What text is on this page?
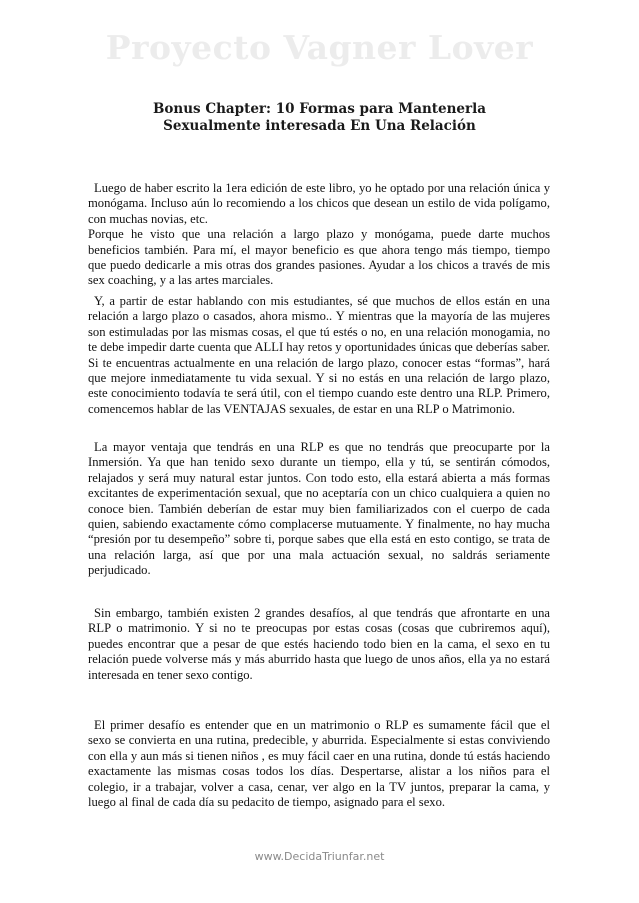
Proyecto Vagner Lover
Bonus Chapter: 10 Formas para Mantenerla
Sexualmente interesada En Una Relación

Luego de haber escrito la 1era edición de este libro, yo he optado por una relación única y monógama. Incluso aún lo recomiendo a los chicos que desean un estilo de vida polígamo, con muchas novias, etc.

Porque he visto que una relación a largo plazo y monógama, puede darte muchos beneficios también. Para mí, el mayor beneficio es que ahora tengo más tiempo, tiempo que puedo dedicarle a mis otras dos grandes pasiones. Ayudar a los chicos a través de mis sex coaching, y a las artes marciales.

Y, a partir de estar hablando con mis estudiantes, sé que muchos de ellos están en una relación a largo plazo o casados, ahora mismo.. Y mientras que la mayoría de las mujeres son estimuladas por las mismas cosas, el que tú estés o no, en una relación monogamia, no te debe impedir darte cuenta que ALLI hay retos y oportunidades únicas que deberías saber. Si te encuentras actualmente en una relación de largo plazo, conocer estas “formas”, hará que mejore inmediatamente tu vida sexual. Y si no estás en una relación de largo plazo, este conocimiento todavía te será útil, con el tiempo cuando este dentro una RLP. Primero, comencemos hablar de las VENTAJAS sexuales, de estar en una RLP o Matrimonio.

La mayor ventaja que tendrás en una RLP es que no tendrás que preocuparte por la Inmersión. Ya que han tenido sexo durante un tiempo, ella y tú, se sentirán cómodos, relajados y será muy natural estar juntos. Con todo esto, ella estará abierta a más formas excitantes de experimentación sexual, que no aceptaría con un chico cualquiera a quien no conoce bien. También deberían de estar muy bien familiarizados con el cuerpo de cada quien, sabiendo exactamente cómo complacerse mutuamente. Y finalmente, no hay mucha “presión por tu desempeño” sobre ti, porque sabes que ella está en esto contigo, se trata de una relación larga, así que por una mala actuación sexual, no saldrás seriamente perjudicado.

Sin embargo, también existen 2 grandes desafíos, al que tendrás que afrontarte en una RLP o matrimonio. Y si no te preocupas por estas cosas (cosas que cubriremos aquí), puedes encontrar que a pesar de que estés haciendo todo bien en la cama, el sexo en tu relación puede volverse más y más aburrido hasta que luego de unos años, ella ya no estará interesada en tener sexo contigo.

El primer desafío es entender que en un matrimonio o RLP es sumamente fácil que el sexo se convierta en una rutina, predecible, y aburrida. Especialmente si estas conviviendo con ella y aun más si tienen niños , es muy fácil caer en una rutina, donde tú estás haciendo exactamente las mismas cosas todos los días. Despertarse, alistar a los niños para el colegio, ir a trabajar, volver a casa, cenar, ver algo en la TV juntos, preparar la cama, y luego al final de cada día su pedacito de tiempo, asignado para el sexo.

www.DecidaTriunfar.net
